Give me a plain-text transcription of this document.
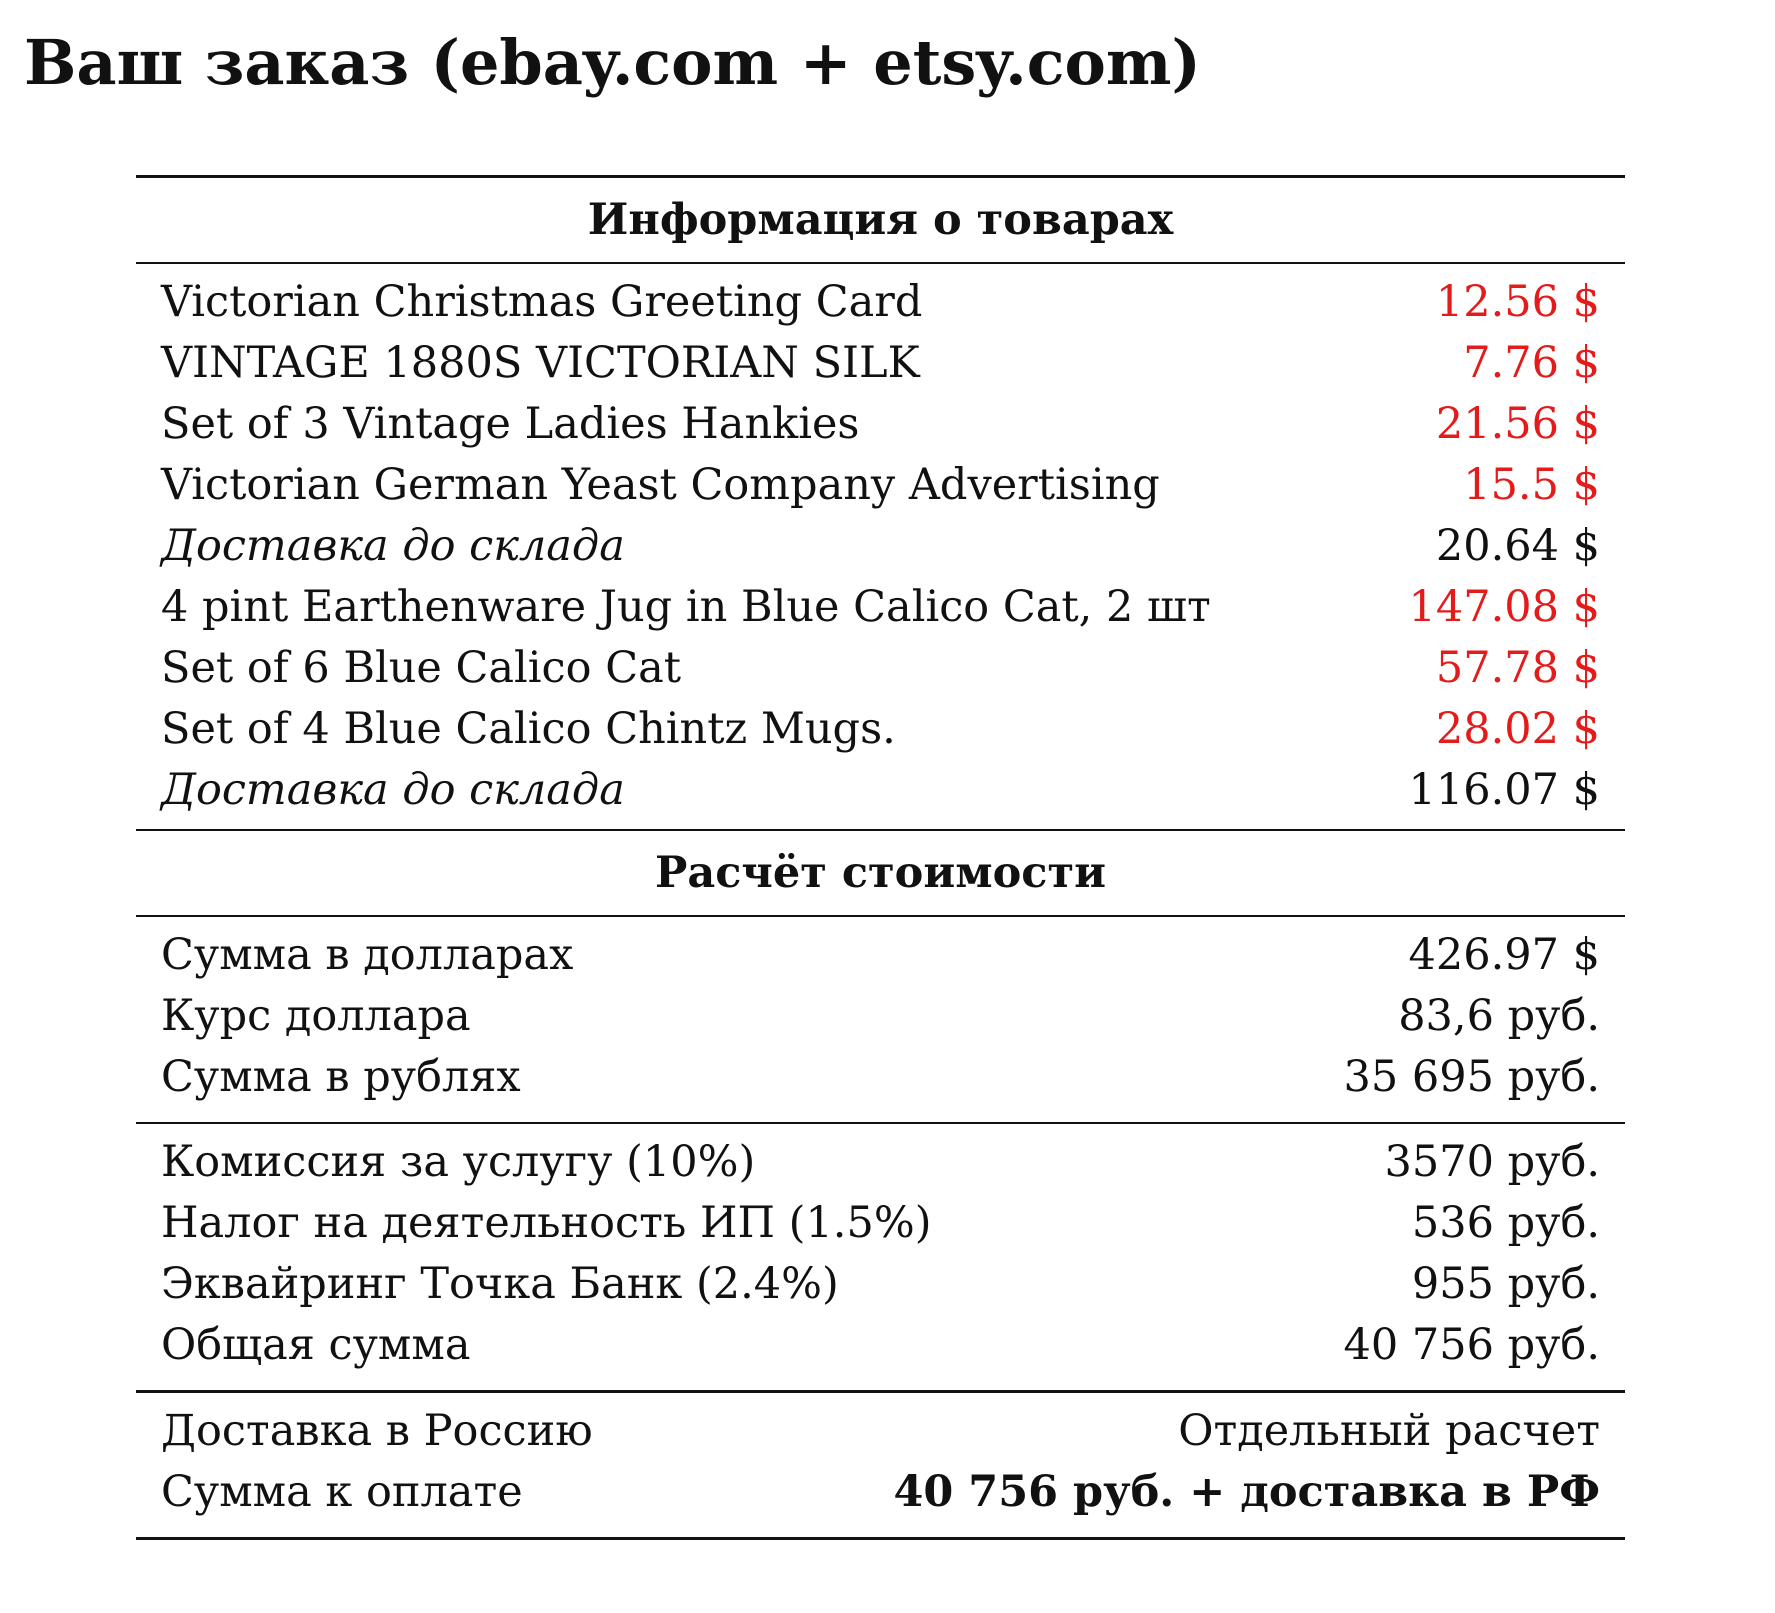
Ваш заказ (ebay.com + etsy.com)
Информация о товарах
Victorian Christmas Greeting Card	12.56 $
VINTAGE 1880S VICTORIAN SILK	7.76 $
Set of 3 Vintage Ladies Hankies	21.56 $
Victorian German Yeast Company Advertising	15.5 $
Доставка до склада	20.64 $
4 pint Earthenware Jug in Blue Calico Cat, 2 шт	147.08 $
Set of 6 Blue Calico Cat	57.78 $
Set of 4 Blue Calico Chintz Mugs.	28.02 $
Доставка до склада	116.07 $
Расчёт стоимости
Сумма в долларах	426.97 $
Курс доллара	83,6 руб.
Сумма в рублях	35 695 руб.
Комиссия за услугу (10%)	3570 руб.
Налог на деятельность ИП (1.5%)	536 руб.
Эквайринг Точка Банк (2.4%)	955 руб.
Общая сумма	40 756 руб.
Доставка в Россию	Отдельный расчет
Сумма к оплате	40 756 руб. + доставка в РФ
